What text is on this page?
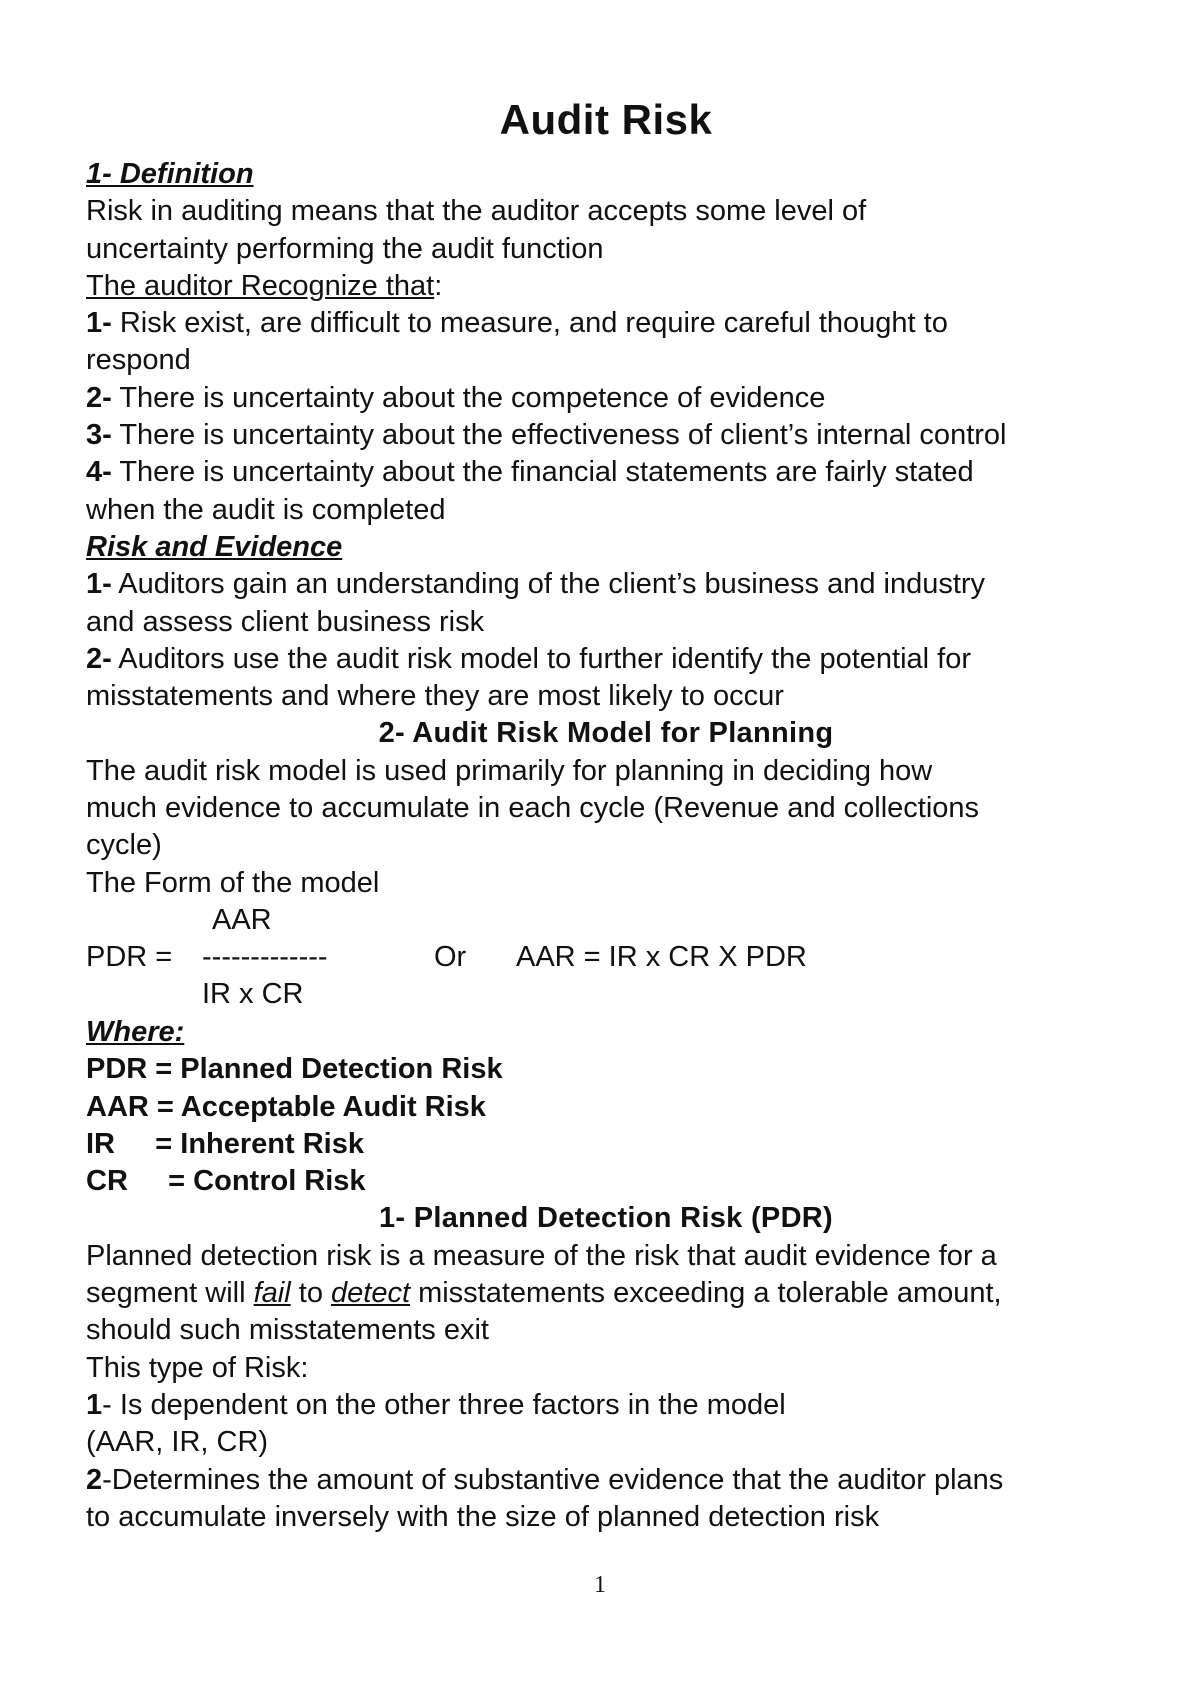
Audit Risk
1- Definition
Risk in auditing means that the auditor accepts some level of
uncertainty performing the audit function
The auditor Recognize that:
1- Risk exist, are difficult to measure, and require careful thought to
respond
2- There is uncertainty about the competence of evidence
3- There is uncertainty about the effectiveness of client’s internal control
4- There is uncertainty about the financial statements are fairly stated
when the audit is completed
Risk and Evidence
1- Auditors gain an understanding of the client’s business and industry
and assess client business risk
2- Auditors use the audit risk model to further identify the potential for
misstatements and where they are most likely to occur
2- Audit Risk Model for Planning
The audit risk model is used primarily for planning in deciding how
much evidence to accumulate in each cycle (Revenue and collections
cycle)
The Form of the model
AAR
PDR = -------------	Or AAR = IR x CR X PDR
IR x CR
Where:
PDR = Planned Detection Risk
AAR = Acceptable Audit Risk
IR     = Inherent Risk
CR     = Control Risk
1- Planned Detection Risk (PDR)
Planned detection risk is a measure of the risk that audit evidence for a
segment will fail to detect misstatements exceeding a tolerable amount,
should such misstatements exit
This type of Risk:
1- Is dependent on the other three factors in the model
(AAR, IR, CR)
2-Determines the amount of substantive evidence that the auditor plans
to accumulate inversely with the size of planned detection risk
1
